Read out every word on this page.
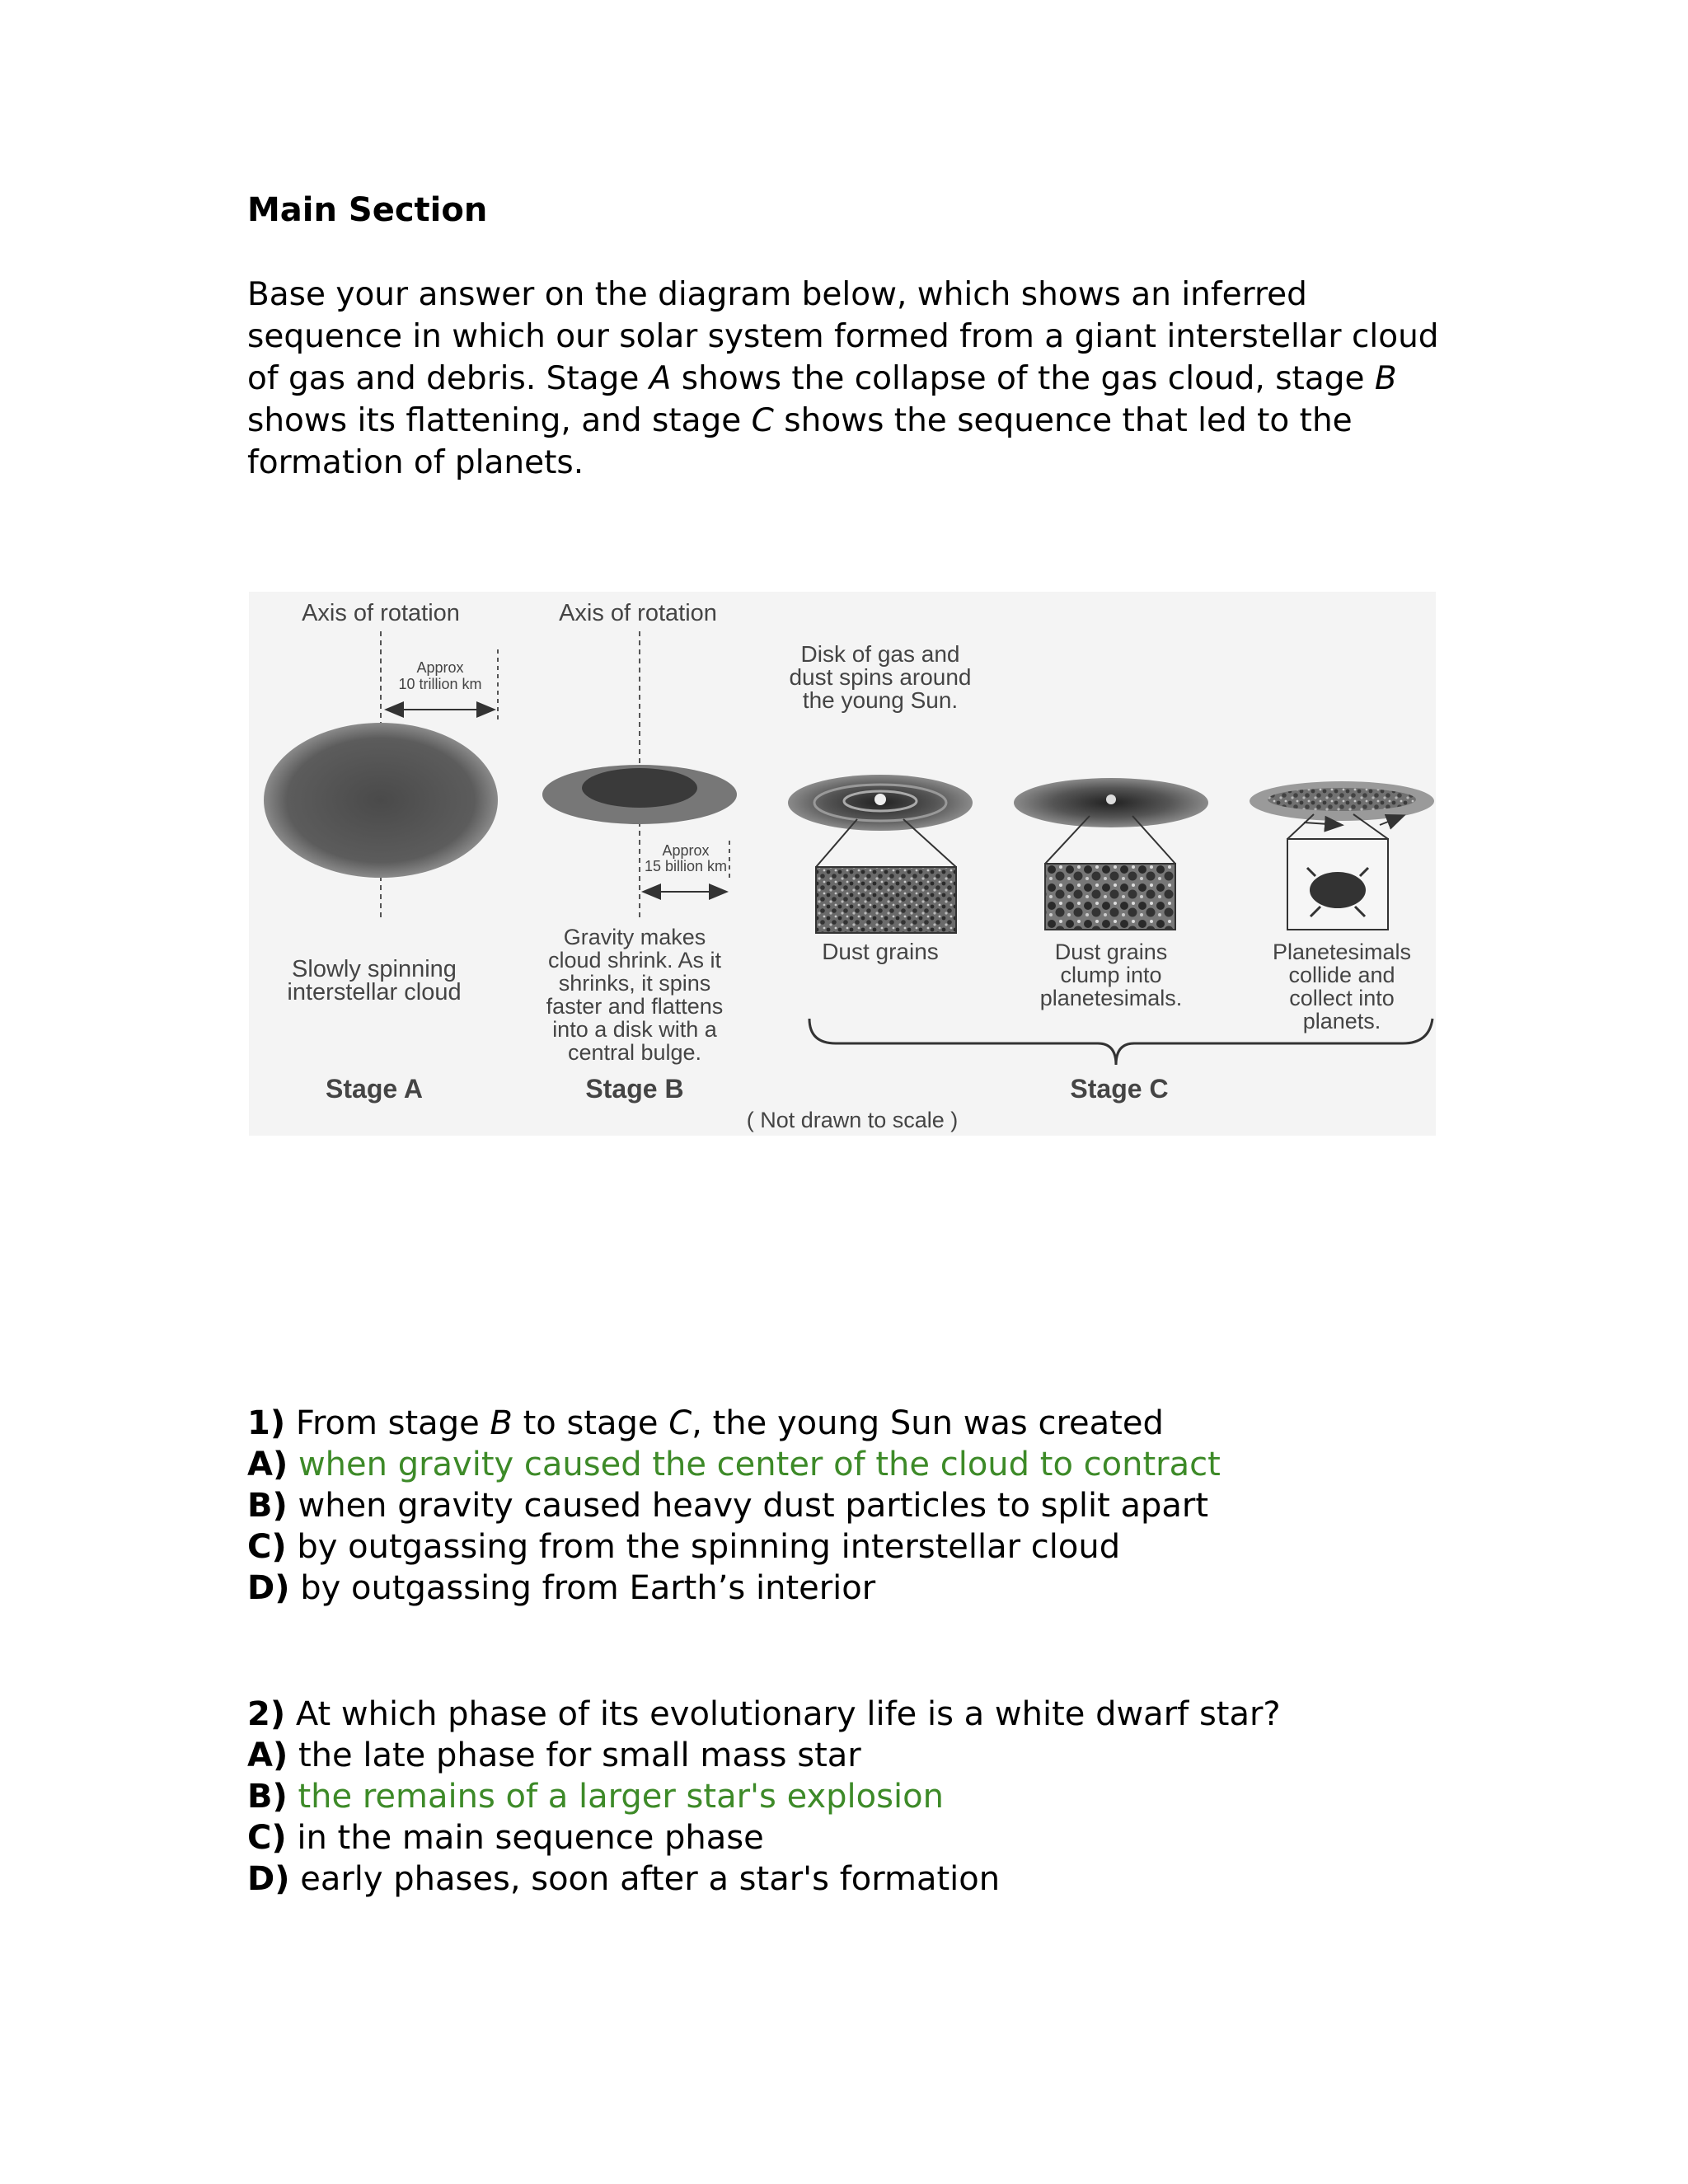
Main Section
Base your answer on the diagram below, which shows an inferred sequence in which our solar system formed from a giant interstellar cloud of gas and debris. Stage A shows the collapse of the gas cloud, stage B shows its flattening, and stage C shows the sequence that led to the formation of planets.
Axis of rotation
Approx
10 trillion km
Slowly spinning
interstellar cloud
Stage A
Axis of rotation
Approx
15 billion km
Gravity makes
cloud shrink. As it
shrinks, it spins
faster and flattens
into a disk with a
central bulge.
Stage B
Disk of gas and
dust spins around
the young Sun.
Dust grains	Dust grains
clump into
planetesimals.
Planetesimals
collide and
collect into
planets.
Stage C
( Not drawn to scale )
1) From stage B to stage C, the young Sun was created
A) when gravity caused the center of the cloud to contract
B) when gravity caused heavy dust particles to split apart
C) by outgassing from the spinning interstellar cloud
D) by outgassing from Earth’s interior
2) At which phase of its evolutionary life is a white dwarf star?
A) the late phase for small mass star
B) the remains of a larger star's explosion
C) in the main sequence phase
D) early phases, soon after a star's formation
